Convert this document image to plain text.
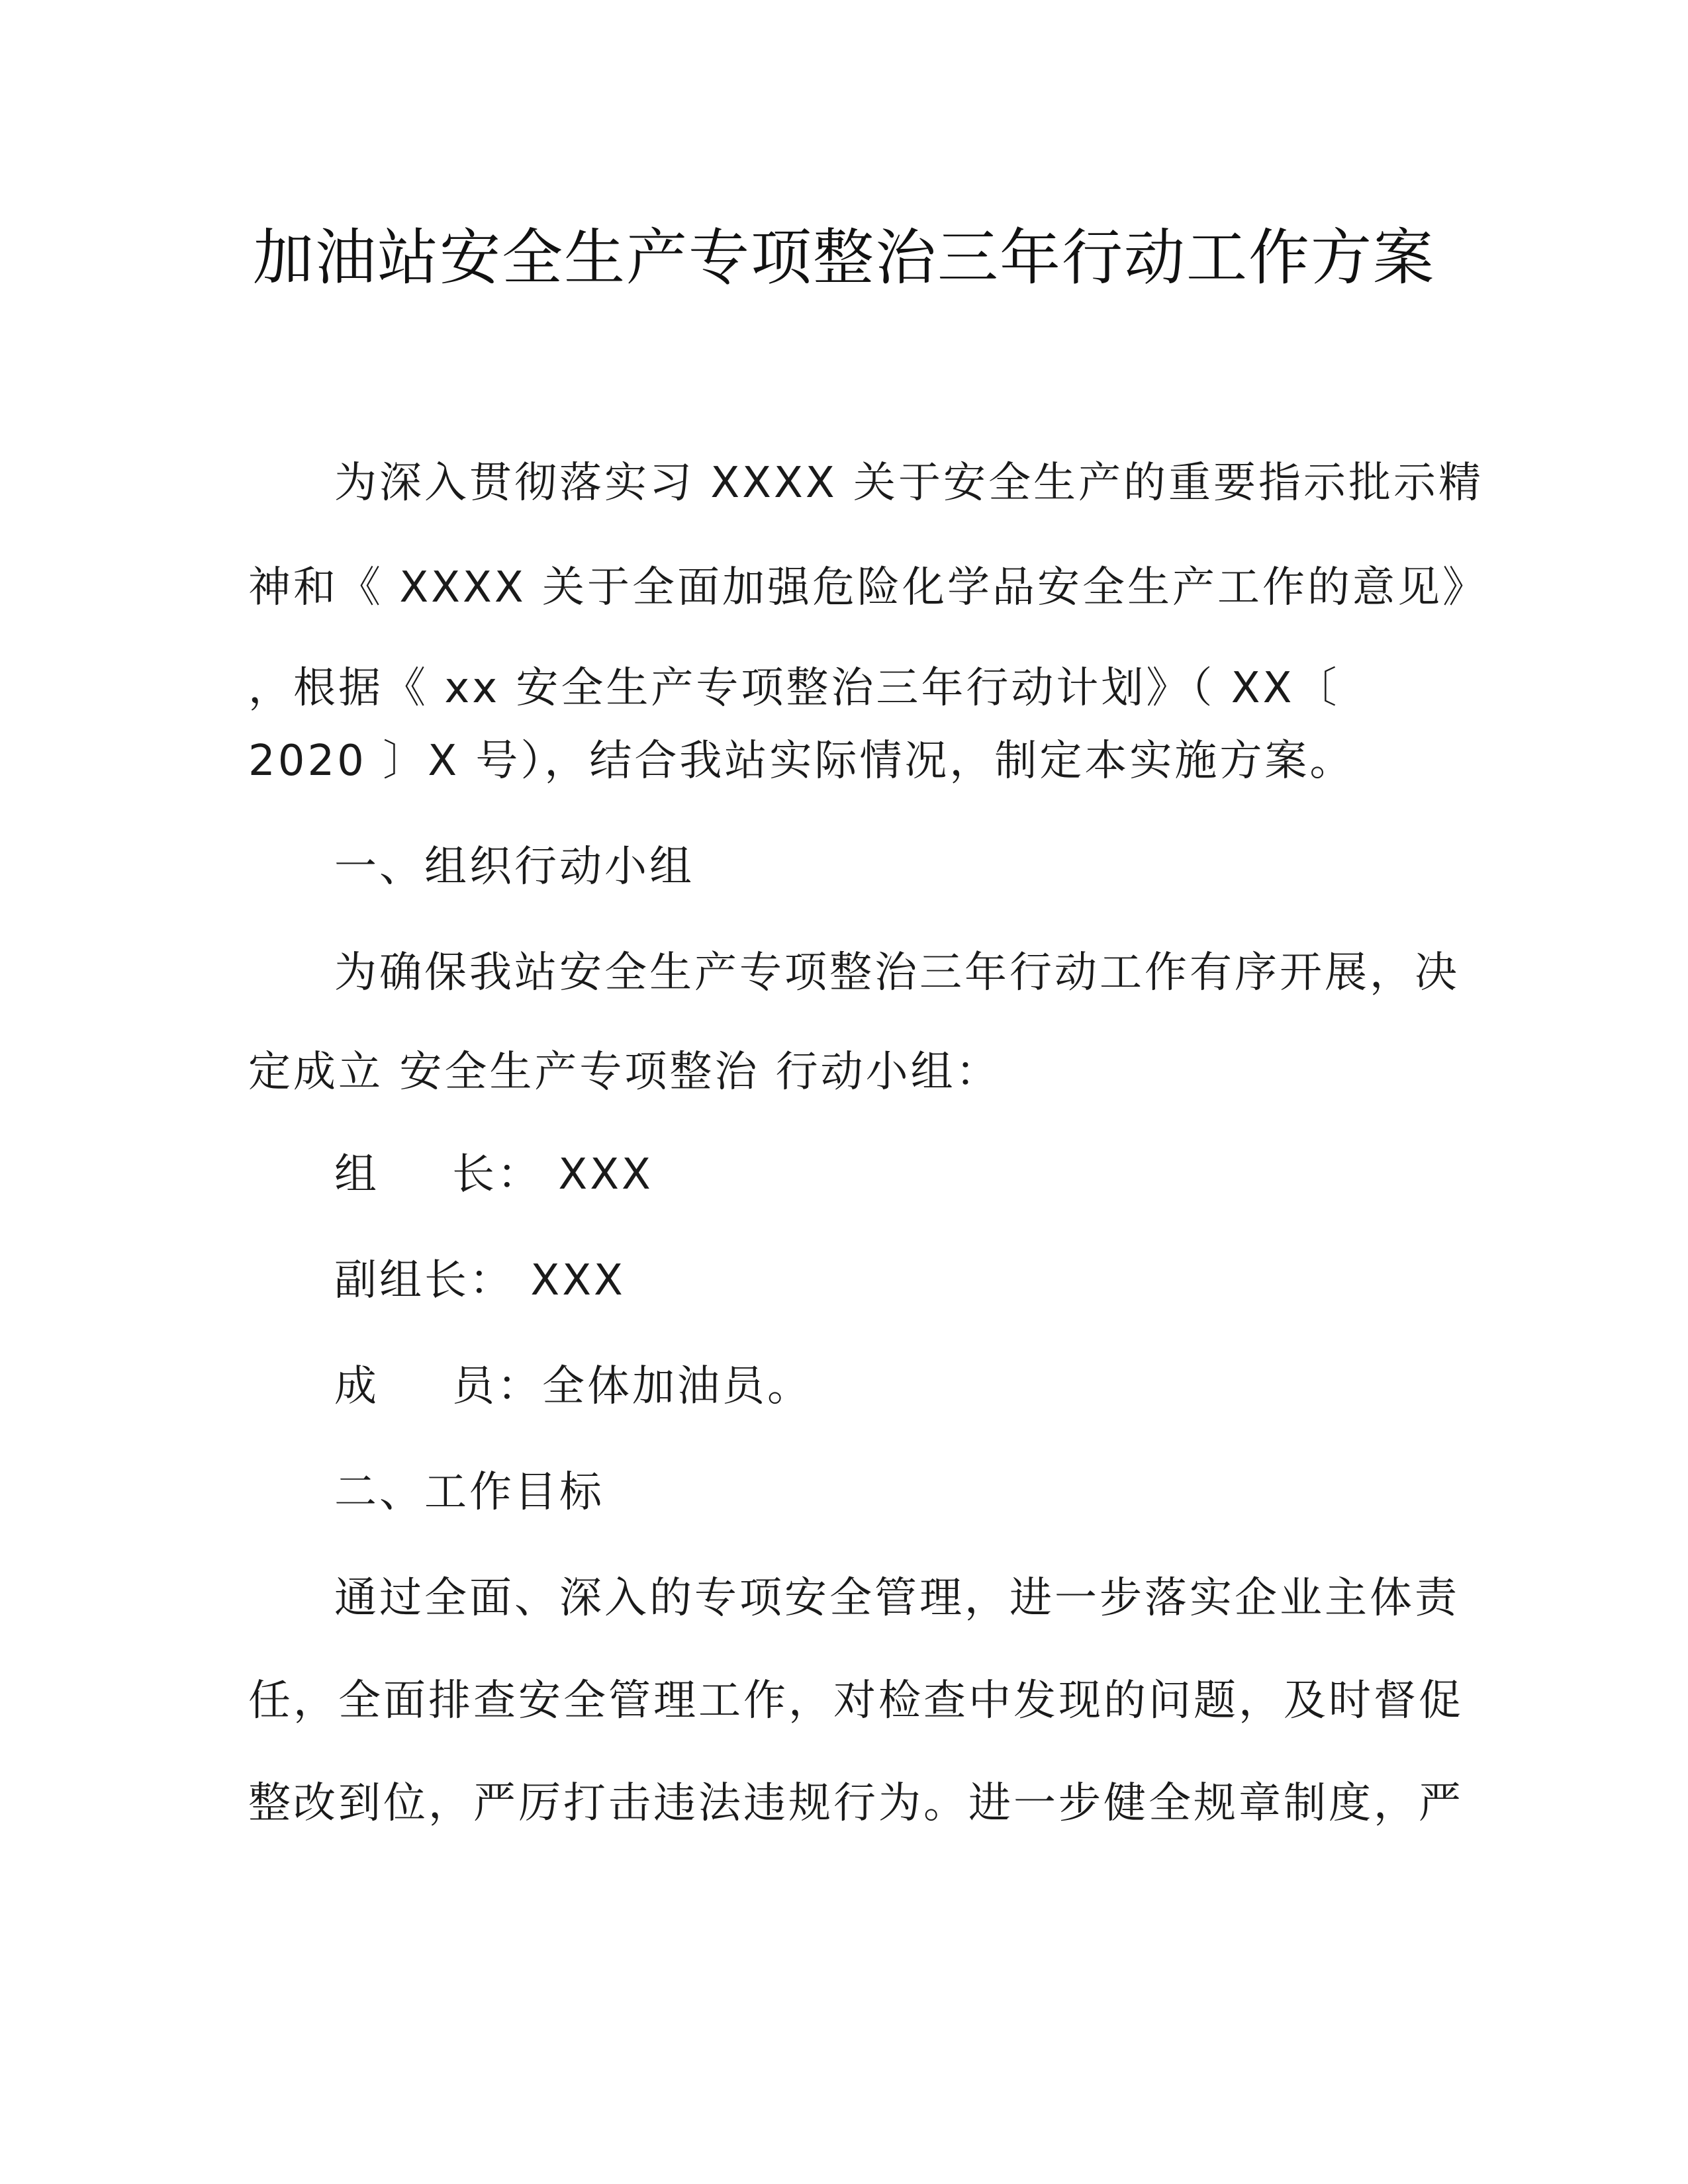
加油站安全生产专项整治三年行动工作方案
为深入贯彻落实习 XXXX 关于安全生产的重要指示批示精
神和《 XXXX 关于全面加强危险化学品安全生产工作的意见》
，根据《 xx 安全生产专项整治三年行动计划》（ XX〔
2020 〕X 号），结合我站实际情况，制定本实施方案。
一、组织行动小组
为确保我站安全生产专项整治三年行动工作有序开展，决
定成立 安全生产专项整治 行动小组：
组 长： XXX
副组长： XXX
成 员：全体加油员。
二、工作目标
通过全面、深入的专项安全管理，进一步落实企业主体责
任，全面排查安全管理工作，对检查中发现的问题，及时督促
整改到位，严厉打击违法违规行为。进一步健全规章制度，严
